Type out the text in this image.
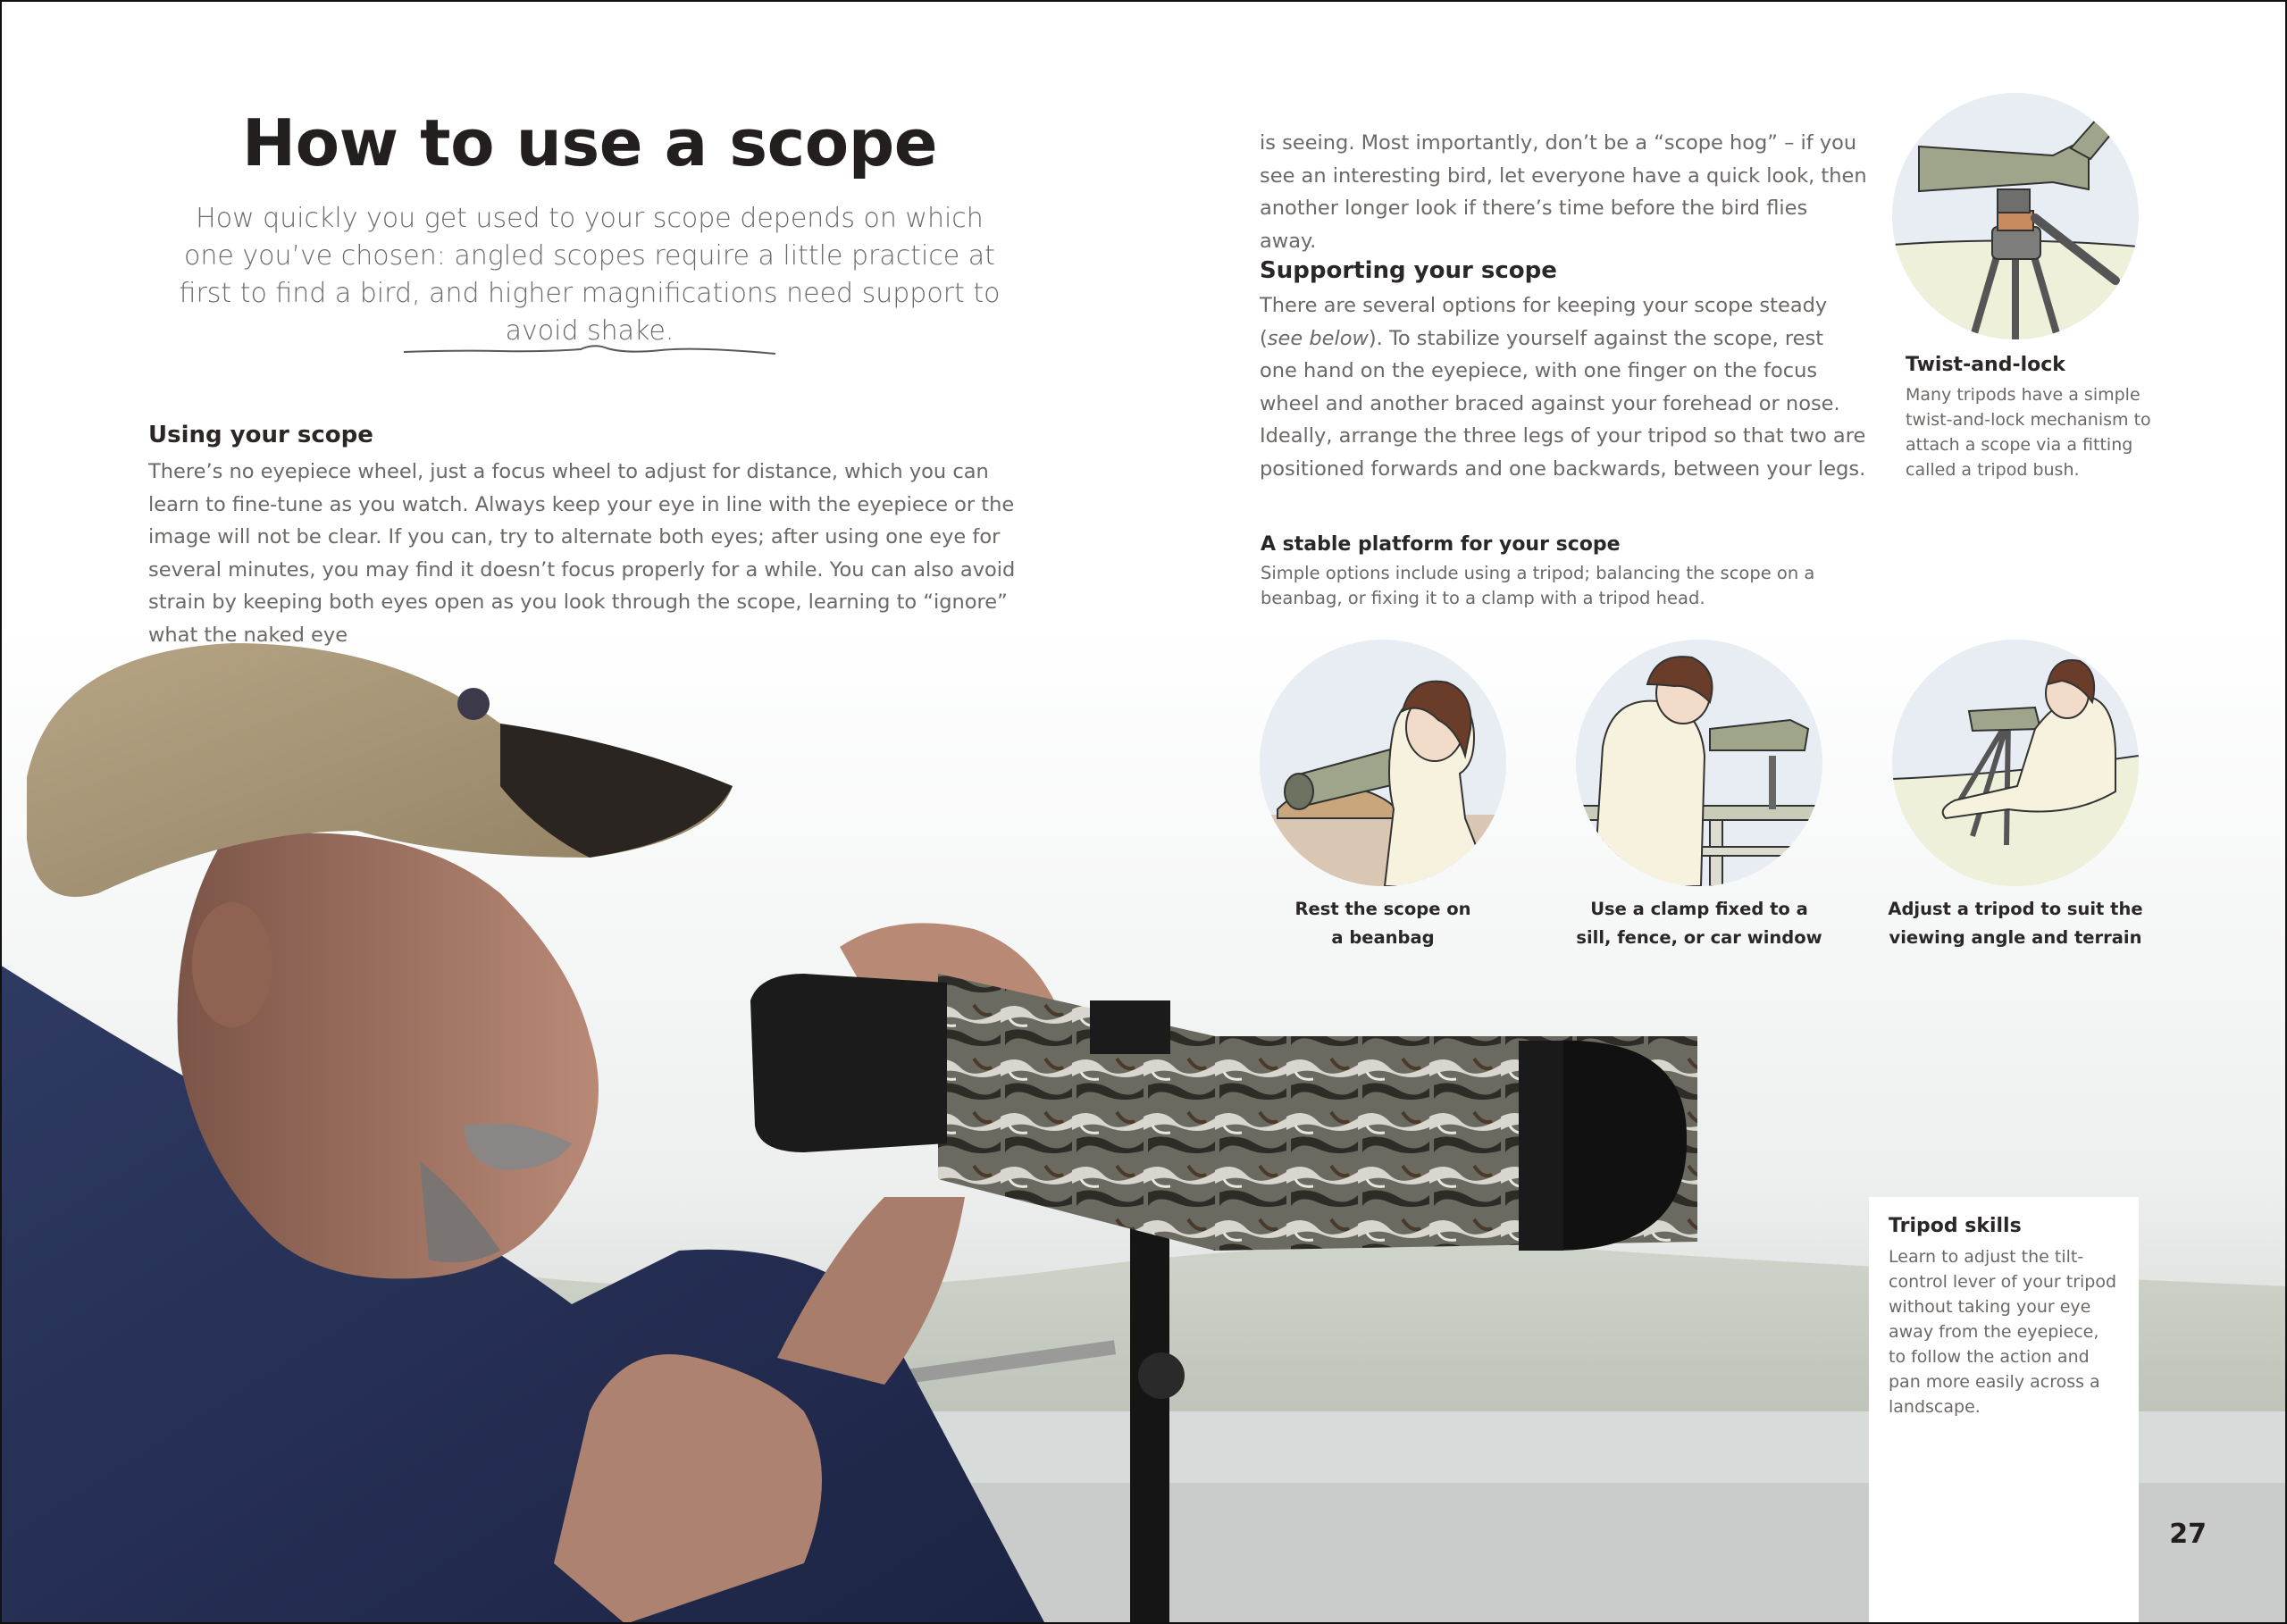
How to use a scope
How quickly you get used to your scope depends on which one you’ve chosen: angled scopes require a little practice at first to find a bird, and higher magnifications need support to avoid shake.
Using your scope
There’s no eyepiece wheel, just a focus wheel to adjust for distance, which you can learn to fine-tune as you watch. Always keep your eye in line with the eyepiece or the image will not be clear. If you can, try to alternate both eyes; after using one eye for several minutes, you may find it doesn’t focus properly for a while. You can also avoid strain by keeping both eyes open as you look through the scope, learning to “ignore” what the naked eye
is seeing. Most importantly, don’t be a “scope hog” – if you see an interesting bird, let everyone have a quick look, then another longer look if there’s time before the bird flies away.
Supporting your scope
There are several options for keeping your scope steady (see below). To stabilize yourself against the scope, rest one hand on the eyepiece, with one finger on the focus wheel and another braced against your forehead or nose. Ideally, arrange the three legs of your tripod so that two are positioned forwards and one backwards, between your legs.
Twist-and-lock
Many tripods have a simple twist-and-lock mechanism to attach a scope via a fitting called a tripod bush.
A stable platform for your scope
Simple options include using a tripod; balancing the scope on a beanbag, or fixing it to a clamp with a tripod head.
Rest the scope on
a beanbag
Use a clamp fixed to a
sill, fence, or car window
Adjust a tripod to suit the
viewing angle and terrain
Tripod skills
Learn to adjust the tilt-control lever of your tripod without taking your eye away from the eyepiece, to follow the action and pan more easily across a landscape.
27
